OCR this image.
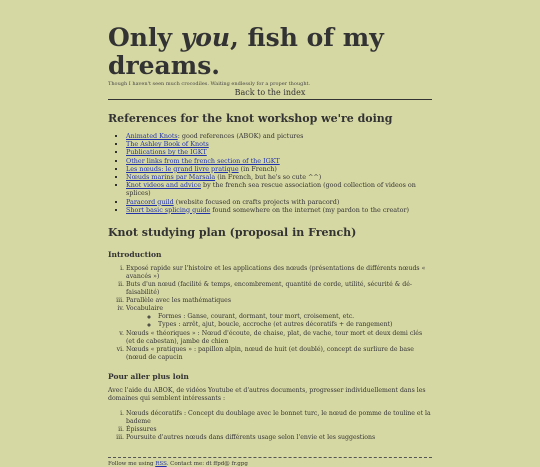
Only you, fish of my dreams.
Though I haven't seen much crocodiles. Waiting endlessly for a proper thought.
Back to the index
References for the knot workshop we're doing
▪ Animated Knots: good references (ABOK) and pictures
▪ The Ashley Book of Knots
▪ Publications by the IGKT
▪ Other links from the french section of the IGKT
▪ Les nœuds: le grand livre pratique (in French)
▪ Nœuds marins par Marsala (in French, but he's so cute ^^)
▪ Knot videos and advice by the french sea rescue association (good collection of videos on splices)
▪ Paracord guild (website focused on crafts projects with paracord)
▪ Short basic splicing guide found somewhere on the internet (my pardon to the creator)
Knot studying plan (proposal in French)
Introduction
i. Exposé rapide sur l'histoire et les applications des nœuds (présentations de différents nœuds « avancés »)
ii. Buts d'un nœud (facilité & temps, encombrement, quantité de corde, utilité, sécurité & dé-faisabilité)
iii. Parallèle avec les mathématiques
iv. Vocabulaire
◦ Formes : Ganse, courant, dormant, tour mort, croisement, etc.
◦ Types : arrêt, ajut, boucle, accroche (et autres décoratifs + de rangement)
v. Nœuds « théoriques » : Nœud d'écoute, de chaise, plat, de vache, tour mort et deux demi clés (et de cabestan), jambe de chien
vi. Nœuds « pratiques » : papillon alpin, nœud de huit (et doublé), concept de surliure de base (nœud de capucin
Pour aller plus loin

Avec l'aide du ABOK, de vidéos Youtube et d'autres documents, progresser individuellement dans les domaines qui semblent intéressants :

i. Nœuds décoratifs : Concept du doublage avec le bonnet turc, le nœud de pomme de touline et la bademe
ii. Épissures
iii. Poursuite d'autres nœuds dans différents usage selon l'envie et les suggestions
Follow me using RSS. Contact me: dt ffpd@ fr.gpg
